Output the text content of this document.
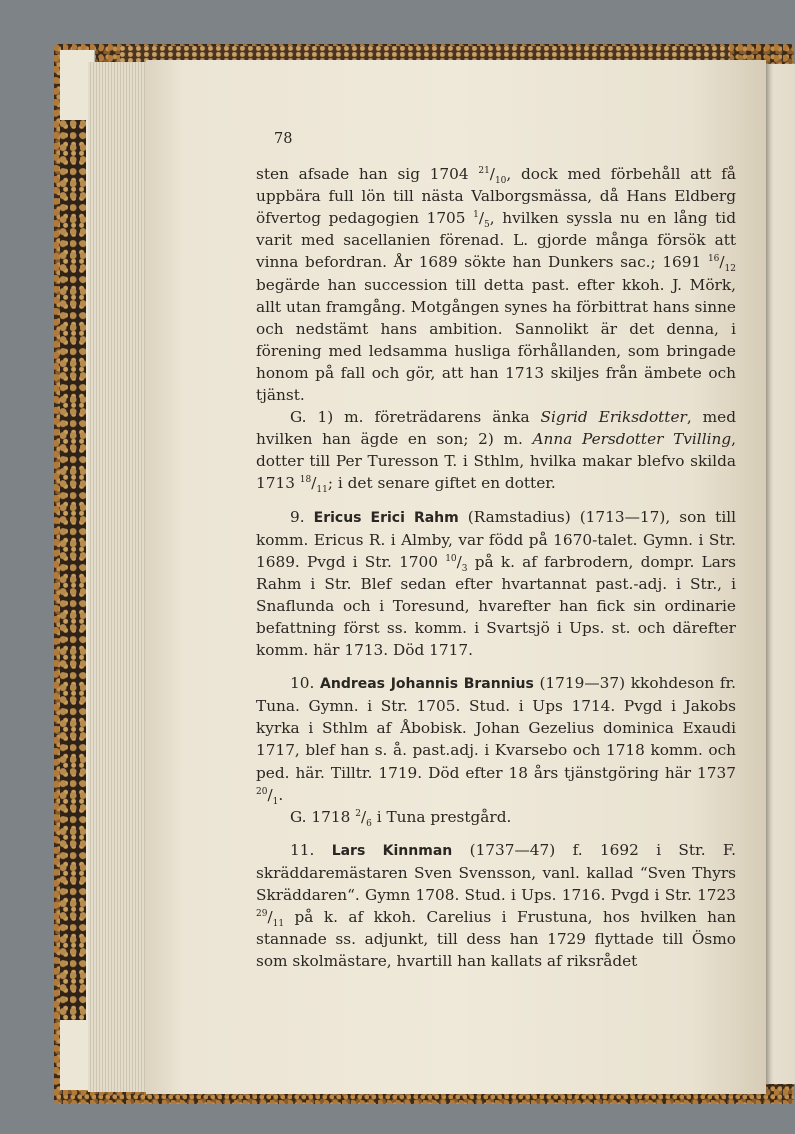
78

sten afsade han sig 1704 $^{21}/_{10}$, dock med förbehåll att få uppbära full lön till nästa Valborgsmässa, då Hans Eldberg öfvertog pedagogien 1705 $^1/_5$, hvilken syssla nu en lång tid varit med sacellanien förenad. L. gjorde många försök att vinna befordran. År 1689 sökte han Dunkers sac.; 1691 $^{16}/_{12}$ begärde han succession till detta past. efter kkoh. J. Mörk, allt utan framgång. Motgången synes ha förbittrat hans sinne och nedstämt hans ambition. Sannolikt är det denna, i förening med ledsamma husliga förhållanden, som bringade honom på fall och gör, att han 1713 skiljes från ämbete och tjänst.

G. 1) m. företrädarens änka Sigrid Eriksdotter, med hvilken han ägde en son; 2) m. Anna Persdotter Tvilling, dotter till Per Turesson T. i Sthlm, hvilka makar blefvo skilda 1713 $^{18}/_{11}$; i det senare giftet en dotter.

9. Ericus Erici Rahm (Ramstadius) (1713—17), son till komm. Ericus R. i Almby, var född på 1670-talet. Gymn. i Str. 1689. Pvgd i Str. 1700 $^{10}/_3$ på k. af farbrodern, dompr. Lars Rahm i Str. Blef sedan efter hvartannat past.-adj. i Str., i Snaflunda och i Toresund, hvarefter han fick sin ordinarie befattning först ss. komm. i Svartsjö i Ups. st. och därefter komm. här 1713. Död 1717.

10. Andreas Johannis Brannius (1719—37) kkohdeson fr. Tuna. Gymn. i Str. 1705. Stud. i Ups 1714. Pvgd i Jakobs kyrka i Sthlm af Åbobisk. Johan Gezelius dominica Exaudi 1717, blef han s. å. past.adj. i Kvarsebo och 1718 komm. och ped. här. Tilltr. 1719. Död efter 18 års tjänstgöring här 1737 $^{20}/_1$.

G. 1718 $^2/_6$ i Tuna prestgård.

11. Lars Kinnman (1737—47) f. 1692 i Str. F. skräddaremästaren Sven Svensson, vanl. kallad “Sven Thyrs Skräddaren“. Gymn 1708. Stud. i Ups. 1716. Pvgd i Str. 1723 $^{29}/_{11}$ på k. af kkoh. Carelius i Frustuna, hos hvilken han stannade ss. adjunkt, till dess han 1729 flyttade till Ösmo som skolmästare, hvartill han kallats af riksrådet
